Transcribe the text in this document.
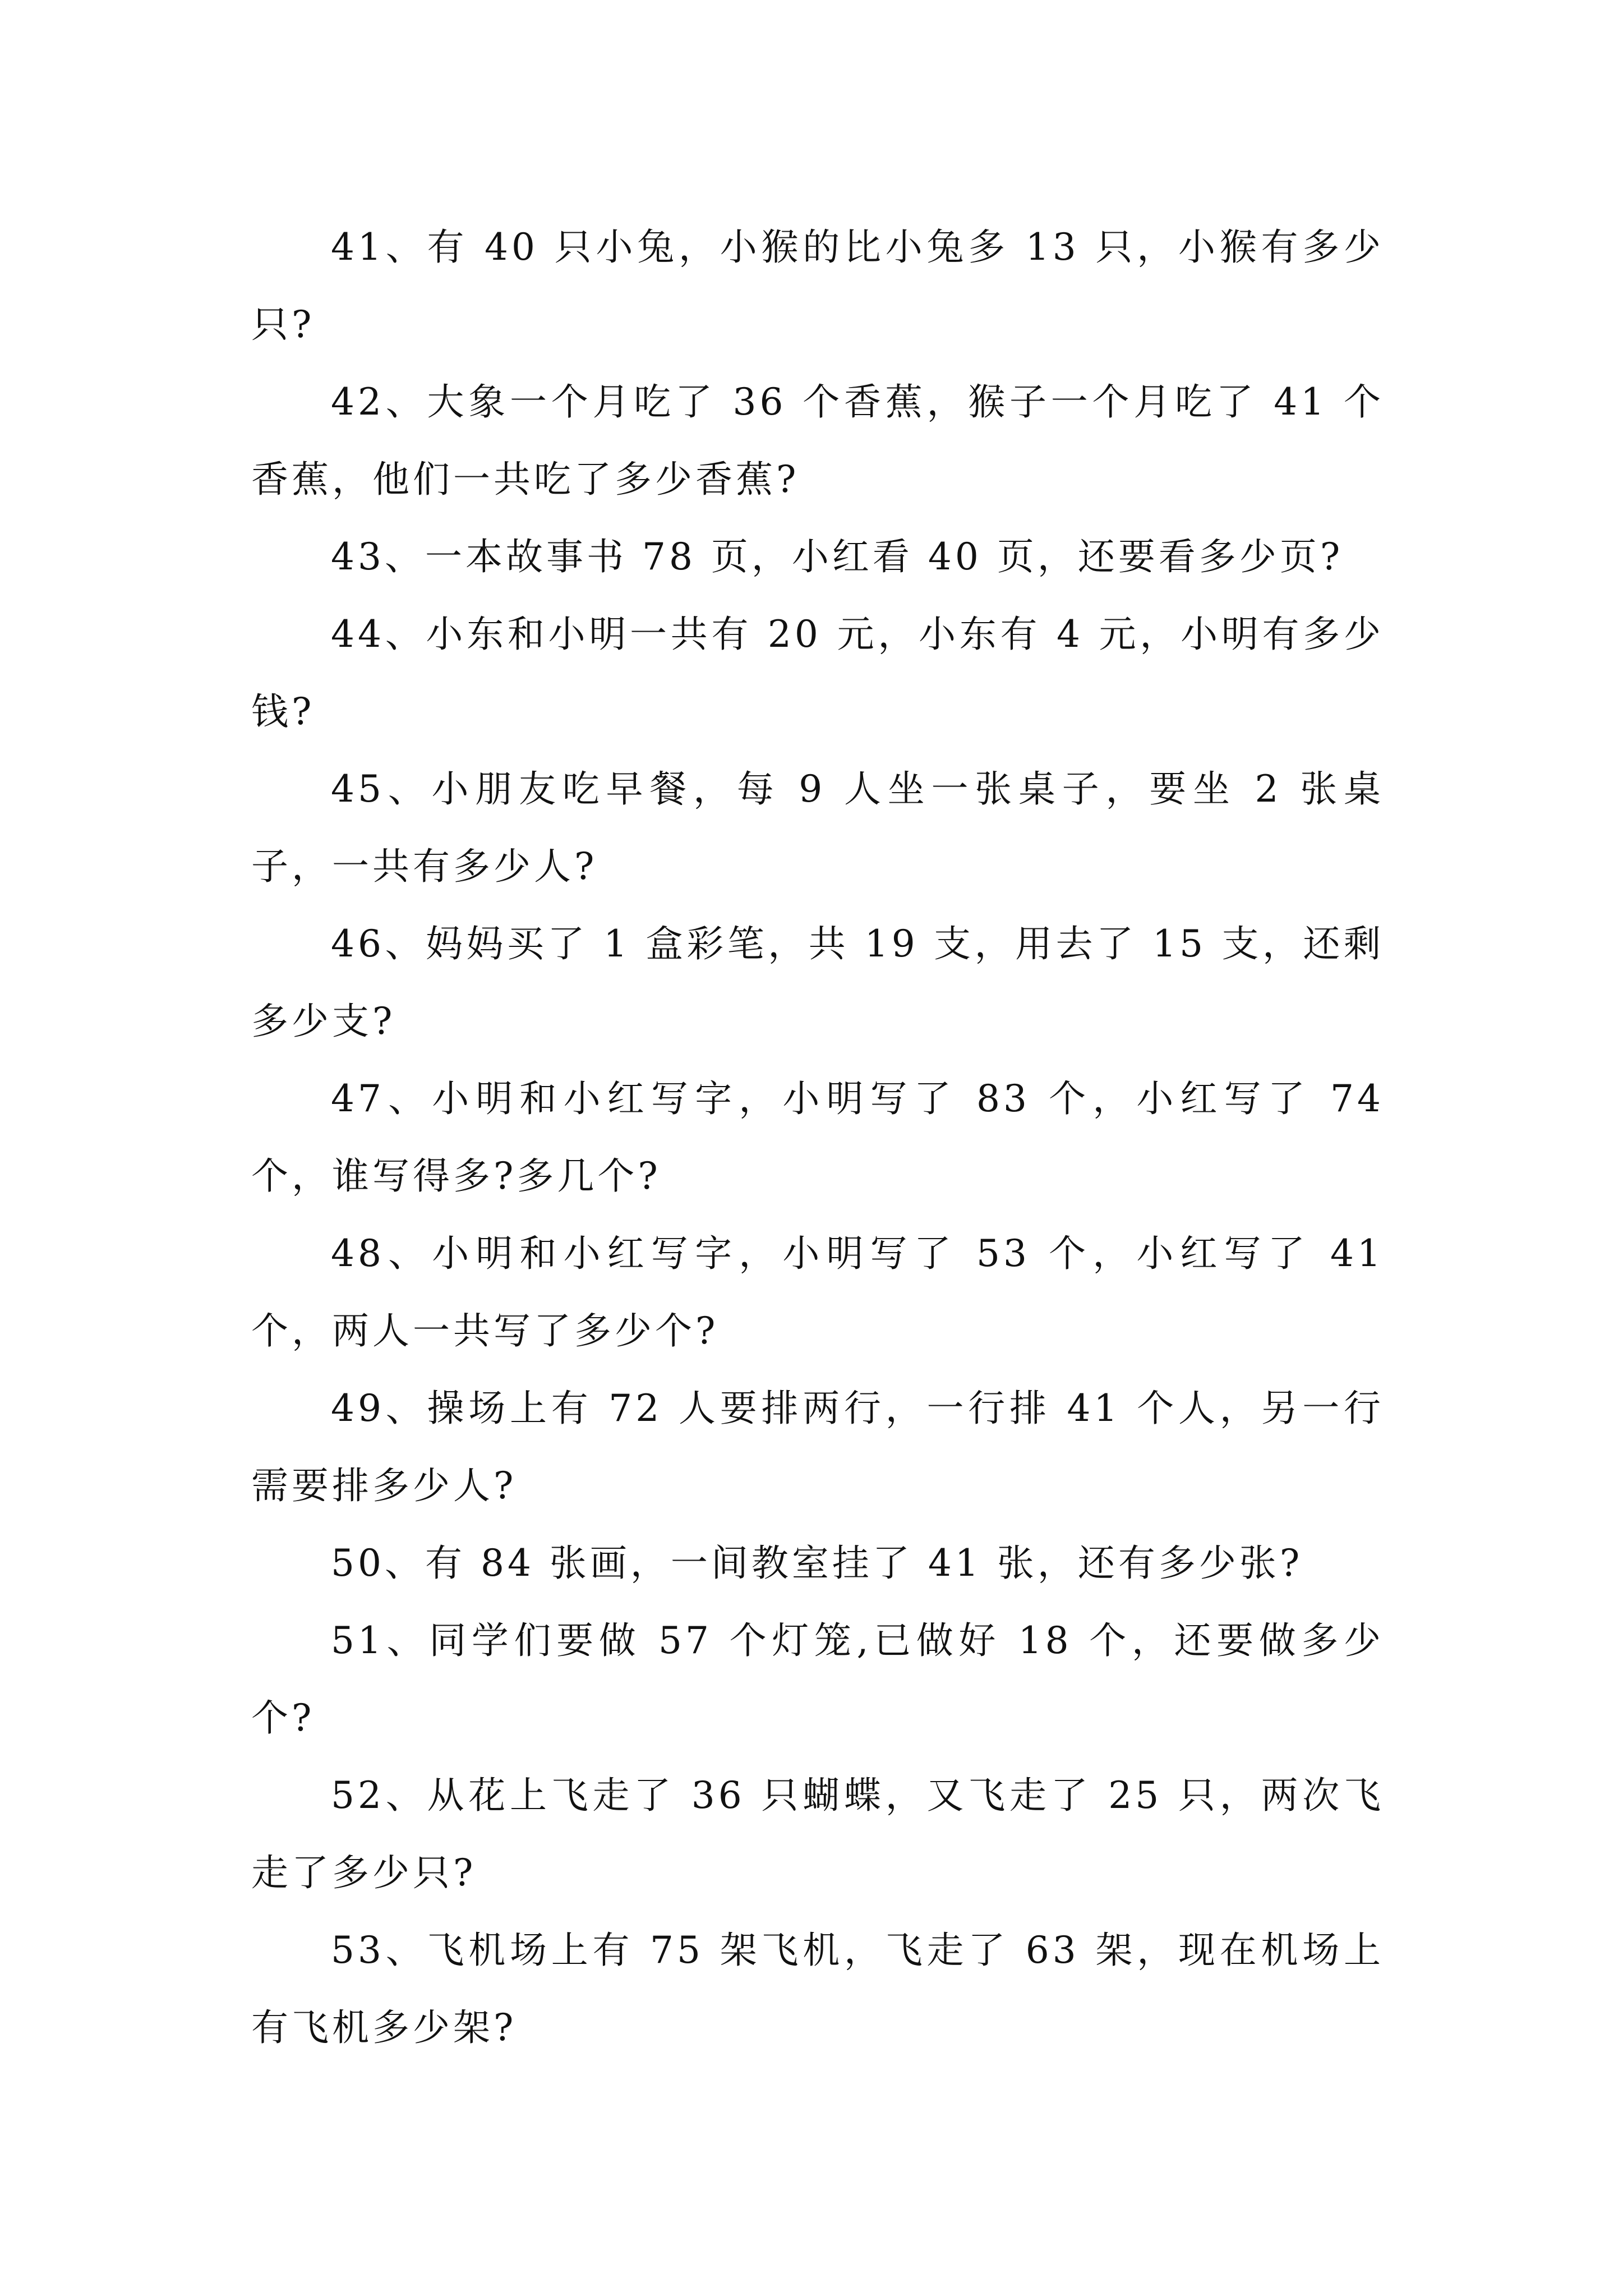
41、有 40 只小兔，小猴的比小兔多 13 只，小猴有多少只?

42、大象一个月吃了 36 个香蕉，猴子一个月吃了 41 个香蕉，他们一共吃了多少香蕉?

43、一本故事书 78 页，小红看 40 页，还要看多少页?

44、小东和小明一共有 20 元，小东有 4 元，小明有多少钱?

45、小朋友吃早餐，每 9 人坐一张桌子，要坐 2 张桌子，一共有多少人?

46、妈妈买了 1 盒彩笔，共 19 支，用去了 15 支，还剩多少支?

47、小明和小红写字，小明写了 83 个，小红写了 74 个，谁写得多?多几个?

48、小明和小红写字，小明写了 53 个，小红写了 41 个，两人一共写了多少个?

49、操场上有 72 人要排两行，一行排 41 个人，另一行需要排多少人?

50、有 84 张画，一间教室挂了 41 张，还有多少张?

51、同学们要做 57 个灯笼,已做好 18 个，还要做多少个?

52、从花上飞走了 36 只蝴蝶，又飞走了 25 只，两次飞走了多少只?

53、飞机场上有 75 架飞机，飞走了 63 架，现在机场上有飞机多少架?
